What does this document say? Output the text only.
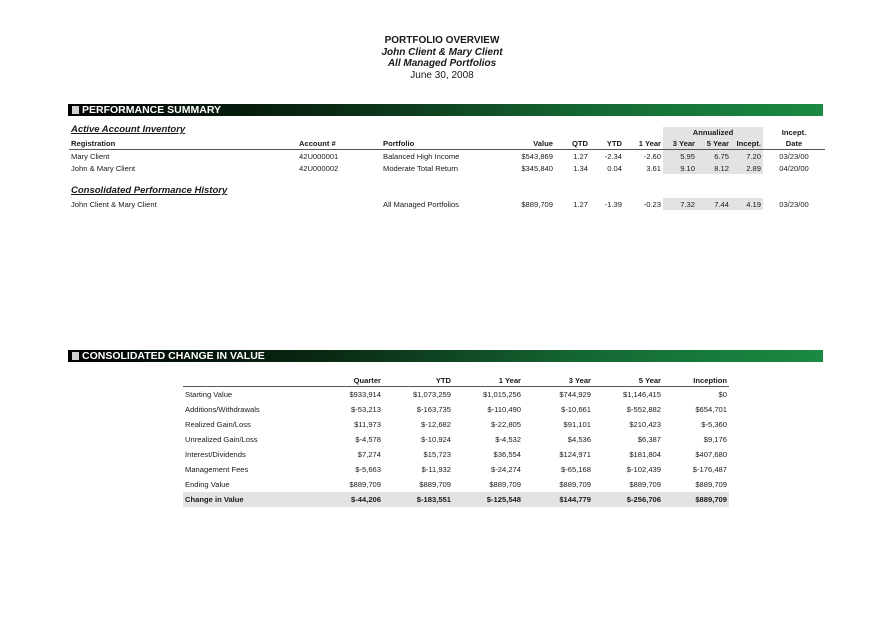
PORTFOLIO OVERVIEW
John Client & Mary Client
All Managed Portfolios
June 30, 2008
PERFORMANCE SUMMARY
Active Account Inventory
								Annualized			Incept.
Registration	Account #	Portfolio	Value	QTD	YTD	1 Year	3 Year	5 Year	Incept.	Date
Mary Client	42U000001	Balanced High Income	$543,869	1.27	-2.34	-2.60	5.95	6.75	7.20	03/23/00
John & Mary Client	42U000002	Moderate Total Return	$345,840	1.34	0.04	3.61	9.10	8.12	2.89	04/20/00

John Client & Mary Client		All Managed Portfolios	$889,709	1.27	-1.39	-0.23	7.32	7.44	4.19	03/23/00
Consolidated Performance History
CONSOLIDATED CHANGE IN VALUE
	Quarter	YTD	1 Year	3 Year	5 Year	Inception
Starting Value	$933,914	$1,073,259	$1,015,256	$744,929	$1,146,415	$0
Additions/Withdrawals	$-53,213	$-163,735	$-110,490	$-10,661	$-552,882	$654,701
Realized Gain/Loss	$11,973	$-12,682	$-22,805	$91,101	$210,423	$-5,360
Unrealized Gain/Loss	$-4,578	$-10,924	$-4,532	$4,536	$6,387	$9,176
Interest/Dividends	$7,274	$15,723	$36,554	$124,971	$181,804	$407,680
Management Fees	$-5,663	$-11,932	$-24,274	$-65,168	$-102,439	$-176,487
Ending Value	$889,709	$889,709	$889,709	$889,709	$889,709	$889,709
Change in Value	$-44,206	$-183,551	$-125,548	$144,779	$-256,706	$889,709
